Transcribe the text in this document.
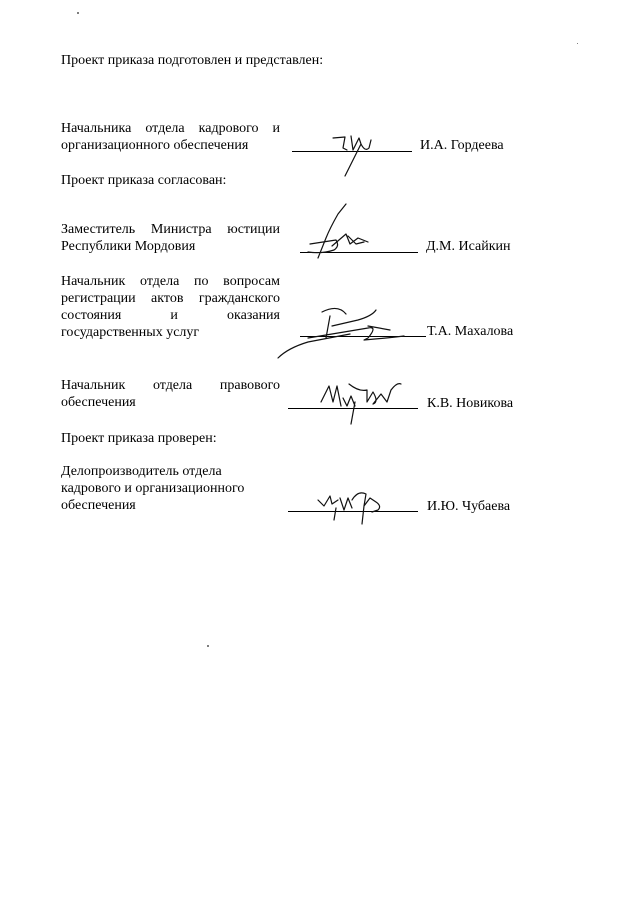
Проект приказа подготовлен и представлен:
Начальника отдела кадрового и
организационного обеспечения	И.А. Гордеева
Проект приказа согласован:
Заместитель Министра юстиции
Республики Мордовия	Д.М. Исайкин
Начальник отдела по вопросам
регистрации актов гражданского
состояния и оказания
государственных услуг	Т.А. Махалова
Начальник отдела правового
обеспечения	К.В. Новикова
Проект приказа проверен:
Делопроизводитель отдела
кадрового и организационного
обеспечения	И.Ю. Чубаева
